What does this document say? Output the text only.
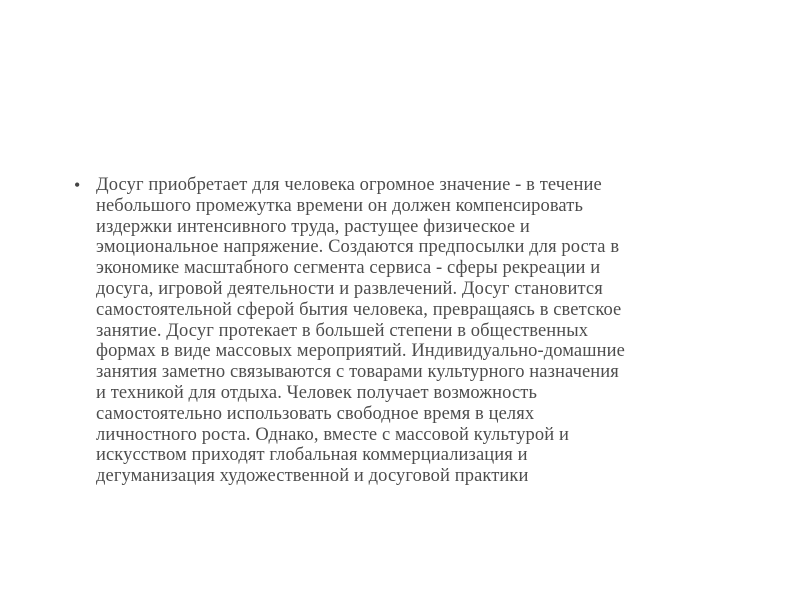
• Досуг приобретает для человека огромное значение - в течение
небольшого промежутка времени он должен компенсировать
издержки интенсивного труда, растущее физическое и
эмоциональное напряжение. Создаются предпосылки для роста в
экономике масштабного сегмента сервиса - сферы рекреации и
досуга, игровой деятельности и развлечений. Досуг становится
самостоятельной сферой бытия человека, превращаясь в светское
занятие. Досуг протекает в большей степени в общественных
формах в виде массовых мероприятий. Индивидуально-домашние
занятия заметно связываются с товарами культурного назначения
и техникой для отдыха. Человек получает возможность
самостоятельно использовать свободное время в целях
личностного роста. Однако, вместе с массовой культурой и
искусством приходят глобальная коммерциализация и
дегуманизация художественной и досуговой практики
